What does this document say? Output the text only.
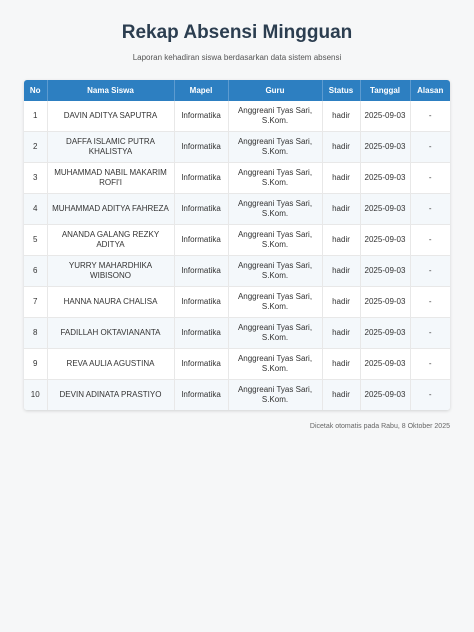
Rekap Absensi Mingguan
Laporan kehadiran siswa berdasarkan data sistem absensi
No	Nama Siswa	Mapel	Guru	Status	Tanggal	Alasan
1	DAVIN ADITYA SAPUTRA	Informatika	Anggreani Tyas Sari, S.Kom.	hadir	2025-09-03	-
2	DAFFA ISLAMIC PUTRA KHALISTYA	Informatika	Anggreani Tyas Sari, S.Kom.	hadir	2025-09-03	-
3	MUHAMMAD NABIL MAKARIM ROFI'I	Informatika	Anggreani Tyas Sari, S.Kom.	hadir	2025-09-03	-
4	MUHAMMAD ADITYA FAHREZA	Informatika	Anggreani Tyas Sari, S.Kom.	hadir	2025-09-03	-
5	ANANDA GALANG REZKY ADITYA	Informatika	Anggreani Tyas Sari, S.Kom.	hadir	2025-09-03	-
6	YURRY MAHARDHIKA WIBISONO	Informatika	Anggreani Tyas Sari, S.Kom.	hadir	2025-09-03	-
7	HANNA NAURA CHALISA	Informatika	Anggreani Tyas Sari, S.Kom.	hadir	2025-09-03	-
8	FADILLAH OKTAVIANANTA	Informatika	Anggreani Tyas Sari, S.Kom.	hadir	2025-09-03	-
9	REVA AULIA AGUSTINA	Informatika	Anggreani Tyas Sari, S.Kom.	hadir	2025-09-03	-
10	DEVIN ADINATA PRASTIYO	Informatika	Anggreani Tyas Sari, S.Kom.	hadir	2025-09-03	-
Dicetak otomatis pada Rabu, 8 Oktober 2025
